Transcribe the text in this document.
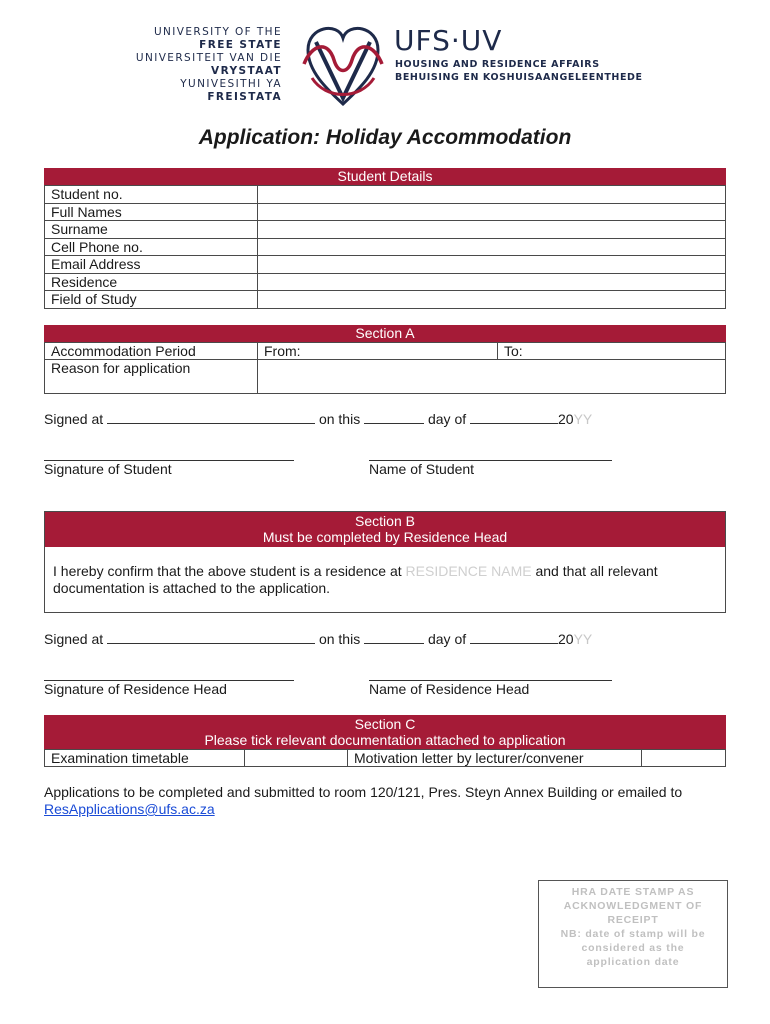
UNIVERSITY OF THE
FREE STATE
UNIVERSITEIT VAN DIE
VRYSTAAT
YUNIVESITHI YA
FREISTATA
UFS·UV
HOUSING AND RESIDENCE AFFAIRS
BEHUISING EN KOSHUISAANGELEENTHEDE
Application: Holiday Accommodation
Student Details
Student no.	
Full Names	
Surname	
Cell Phone no.	
Email Address	
Residence	
Field of Study	
Section A
Accommodation Period	From:	To:
Reason for application		
Signed at	on this	day of	20YY
Signature of Student	Name of Student
Section B
Must be completed by Residence Head
I hereby confirm that the above student is a residence at RESIDENCE NAME and that all relevant documentation is attached to the application.
Signed at	on this	day of	20YY
Signature of Residence Head	Name of Residence Head
Section C
Please tick relevant documentation attached to application
Examination timetable		Motivation letter by lecturer/convener	
Applications to be completed and submitted to room 120/121, Pres. Steyn Annex Building or emailed to ResApplications@ufs.ac.za
HRA DATE STAMP AS
ACKNOWLEDGMENT OF
RECEIPT
NB: date of stamp will be
considered as the
application date
